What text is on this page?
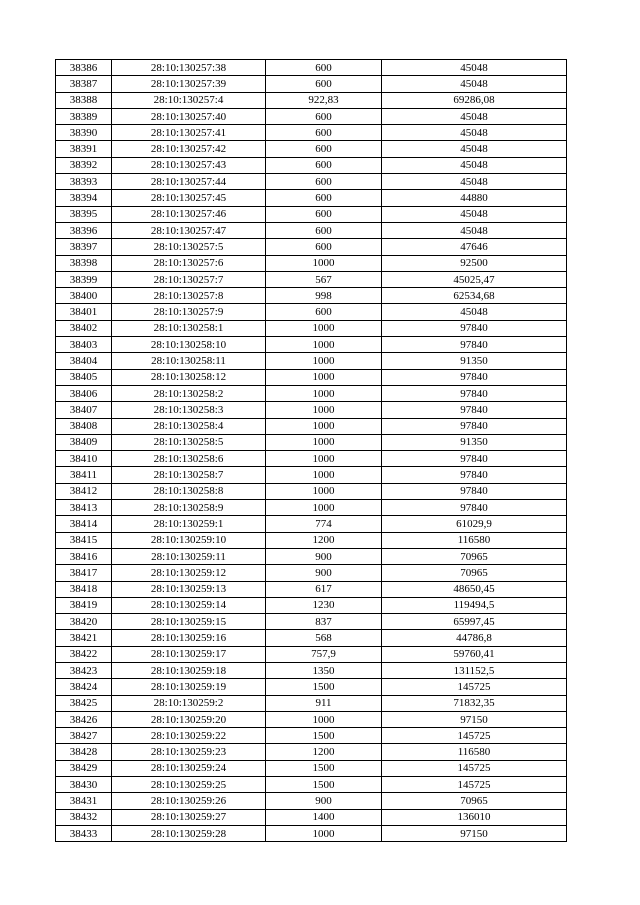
38386	28:10:130257:38	600	45048
38387	28:10:130257:39	600	45048
38388	28:10:130257:4	922,83	69286,08
38389	28:10:130257:40	600	45048
38390	28:10:130257:41	600	45048
38391	28:10:130257:42	600	45048
38392	28:10:130257:43	600	45048
38393	28:10:130257:44	600	45048
38394	28:10:130257:45	600	44880
38395	28:10:130257:46	600	45048
38396	28:10:130257:47	600	45048
38397	28:10:130257:5	600	47646
38398	28:10:130257:6	1000	92500
38399	28:10:130257:7	567	45025,47
38400	28:10:130257:8	998	62534,68
38401	28:10:130257:9	600	45048
38402	28:10:130258:1	1000	97840
38403	28:10:130258:10	1000	97840
38404	28:10:130258:11	1000	91350
38405	28:10:130258:12	1000	97840
38406	28:10:130258:2	1000	97840
38407	28:10:130258:3	1000	97840
38408	28:10:130258:4	1000	97840
38409	28:10:130258:5	1000	91350
38410	28:10:130258:6	1000	97840
38411	28:10:130258:7	1000	97840
38412	28:10:130258:8	1000	97840
38413	28:10:130258:9	1000	97840
38414	28:10:130259:1	774	61029,9
38415	28:10:130259:10	1200	116580
38416	28:10:130259:11	900	70965
38417	28:10:130259:12	900	70965
38418	28:10:130259:13	617	48650,45
38419	28:10:130259:14	1230	119494,5
38420	28:10:130259:15	837	65997,45
38421	28:10:130259:16	568	44786,8
38422	28:10:130259:17	757,9	59760,41
38423	28:10:130259:18	1350	131152,5
38424	28:10:130259:19	1500	145725
38425	28:10:130259:2	911	71832,35
38426	28:10:130259:20	1000	97150
38427	28:10:130259:22	1500	145725
38428	28:10:130259:23	1200	116580
38429	28:10:130259:24	1500	145725
38430	28:10:130259:25	1500	145725
38431	28:10:130259:26	900	70965
38432	28:10:130259:27	1400	136010
38433	28:10:130259:28	1000	97150
